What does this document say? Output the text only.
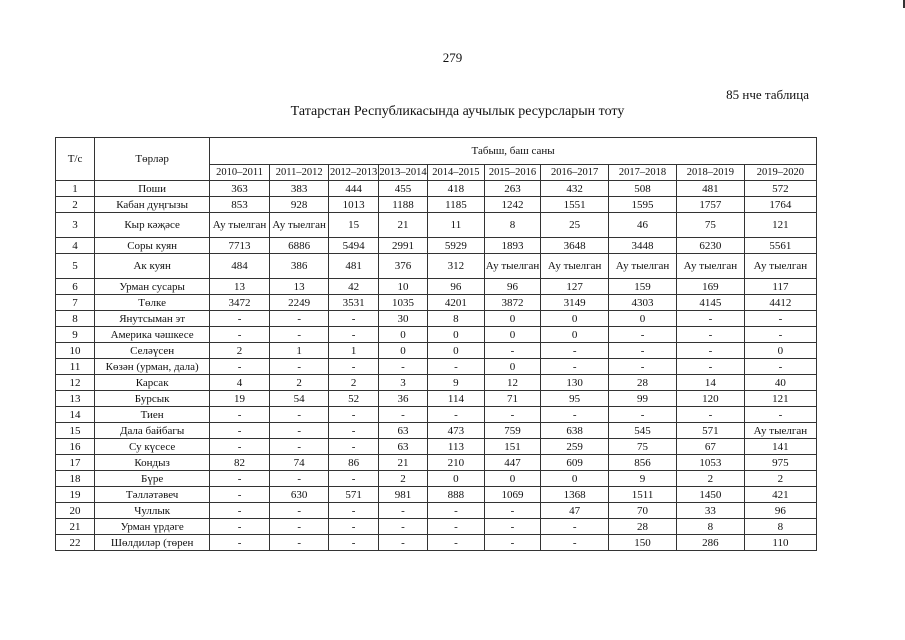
279
85 нче таблица
Татарстан Республикасында аучылык ресурсларын тоту
Т/с	Төрләр	Табыш, баш саны									
		2010–2011	2011–2012	2012–2013	2013–2014	2014–2015	2015–2016	2016–2017	2017–2018	2018–2019	2019–2020
1	Поши	363	383	444	455	418	263	432	508	481	572
2	Кабан дуңгызы	853	928	1013	1188	1185	1242	1551	1595	1757	1764
3	Кыр кәҗәсе	Ау тыелган	Ау тыелган	15	21	11	8	25	46	75	121
4	Соры куян	7713	6886	5494	2991	5929	1893	3648	3448	6230	5561
5	Ак куян	484	386	481	376	312	Ау тыелган	Ау тыелган	Ау тыелган	Ау тыелган	Ау тыелган
6	Урман сусары	13	13	42	10	96	96	127	159	169	117
7	Төлке	3472	2249	3531	1035	4201	3872	3149	4303	4145	4412
8	Янутсыман эт	-	-	-	30	8	0	0	0	-	-
9	Америка чәшкесе	-	-	-	0	0	0	0	-	-	-
10	Селәүсен	2	1	1	0	0	-	-	-	-	0
11	Көзән (урман, дала)	-	-	-	-	-	0	-	-	-	-
12	Карсак	4	2	2	3	9	12	130	28	14	40
13	Бурсык	19	54	52	36	114	71	95	99	120	121
14	Тиен	-	-	-	-	-	-	-	-	-	-
15	Дала байбагы	-	-	-	63	473	759	638	545	571	Ау тыелган
16	Су күсесе	-	-	-	63	113	151	259	75	67	141
17	Кондыз	82	74	86	21	210	447	609	856	1053	975
18	Бүре	-	-	-	2	0	0	0	9	2	2
19	Тәлләтәвеч	-	630	571	981	888	1069	1368	1511	1450	421
20	Чуллык	-	-	-	-	-	-	47	70	33	96
21	Урман үрдәге	-	-	-	-	-	-	-	28	8	8
22	Шөлдиләр (төрен	-	-	-	-	-	-	-	150	286	110
